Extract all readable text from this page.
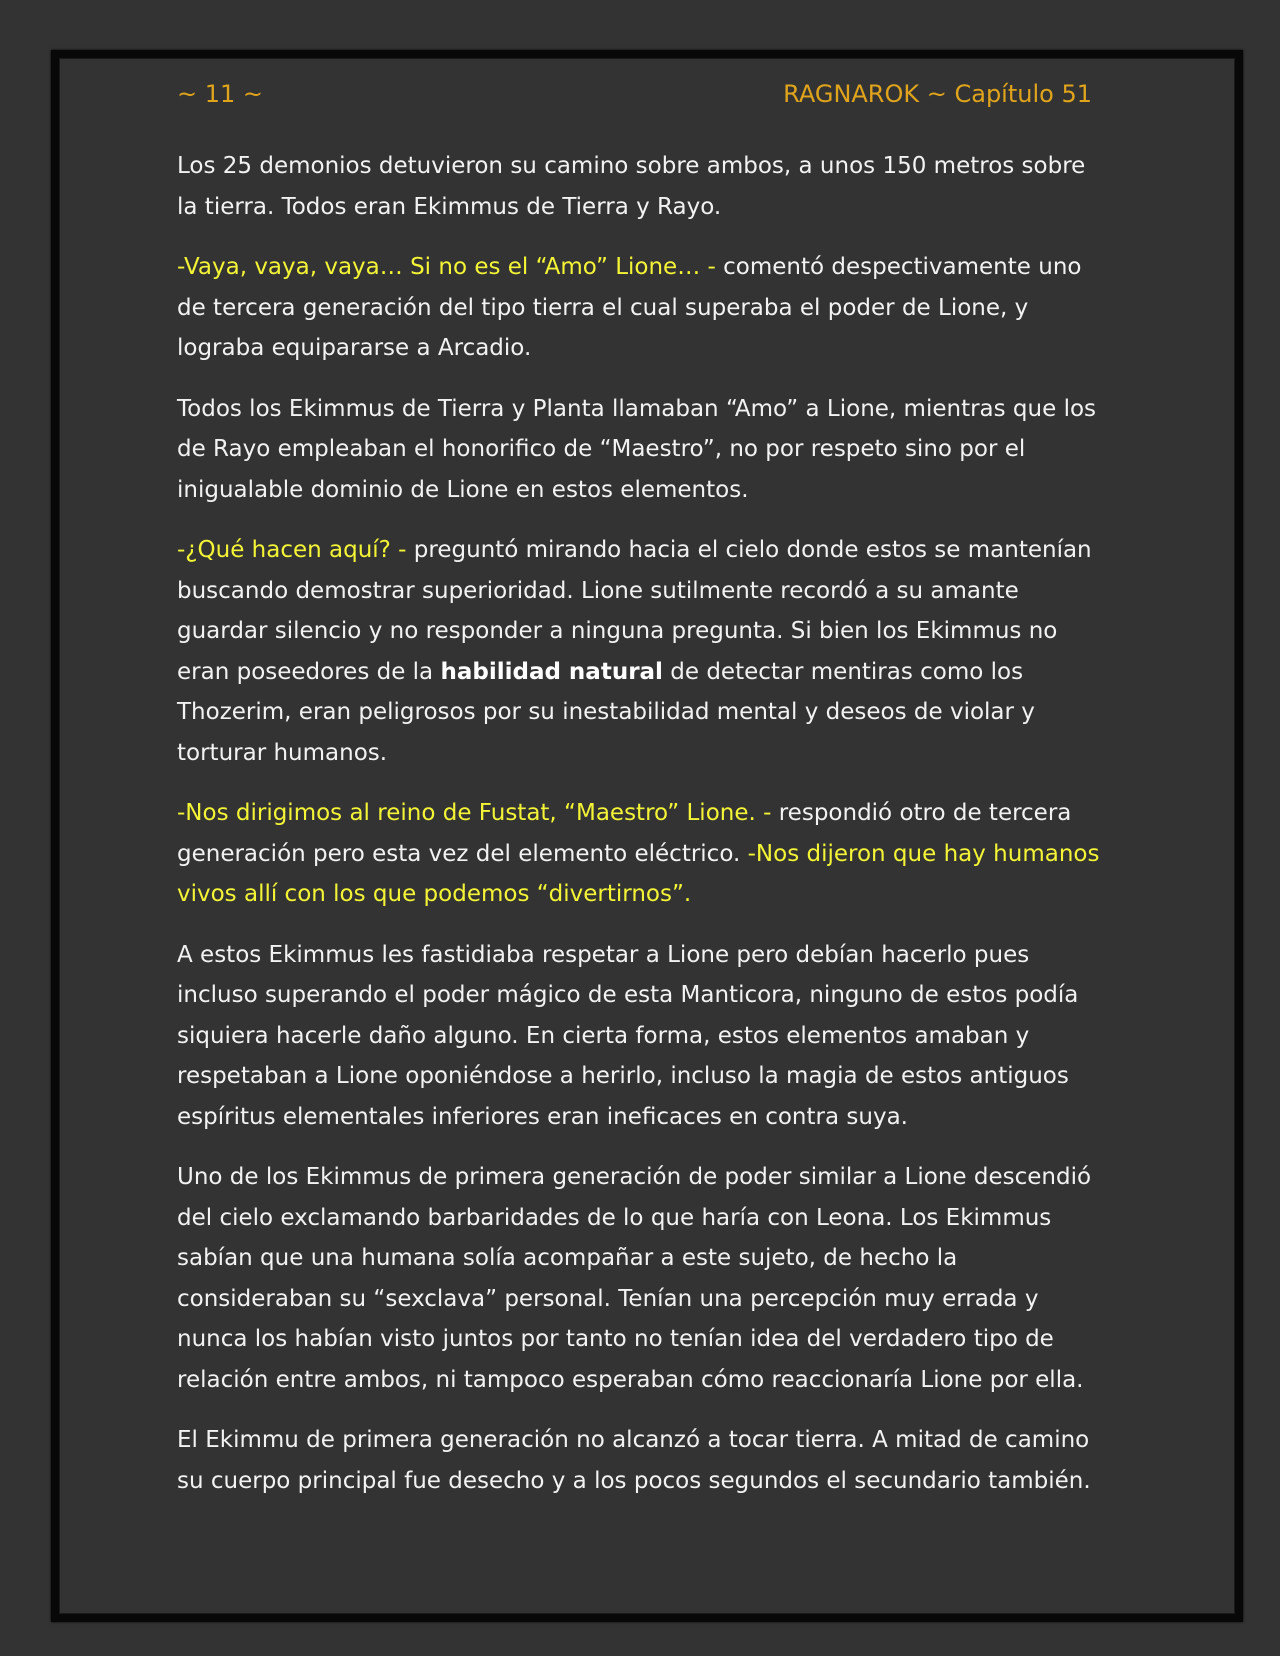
~ 11 ~	RAGNAROK ~ Capítulo 51

Los 25 demonios detuvieron su camino sobre ambos, a unos 150 metros sobre la tierra. Todos eran Ekimmus de Tierra y Rayo.

-Vaya, vaya, vaya… Si no es el “Amo” Lione… - comentó despectivamente uno de tercera generación del tipo tierra el cual superaba el poder de Lione, y lograba equipararse a Arcadio.

Todos los Ekimmus de Tierra y Planta llamaban “Amo” a Lione, mientras que los de Rayo empleaban el honorifico de “Maestro”, no por respeto sino por el inigualable dominio de Lione en estos elementos.

-¿Qué hacen aquí? - preguntó mirando hacia el cielo donde estos se mantenían buscando demostrar superioridad. Lione sutilmente recordó a su amante guardar silencio y no responder a ninguna pregunta. Si bien los Ekimmus no eran poseedores de la habilidad natural de detectar mentiras como los Thozerim, eran peligrosos por su inestabilidad mental y deseos de violar y torturar humanos.

-Nos dirigimos al reino de Fustat, “Maestro” Lione. - respondió otro de tercera generación pero esta vez del elemento eléctrico. -Nos dijeron que hay humanos vivos allí con los que podemos “divertirnos”.

A estos Ekimmus les fastidiaba respetar a Lione pero debían hacerlo pues incluso superando el poder mágico de esta Manticora, ninguno de estos podía siquiera hacerle daño alguno. En cierta forma, estos elementos amaban y respetaban a Lione oponiéndose a herirlo, incluso la magia de estos antiguos espíritus elementales inferiores eran ineficaces en contra suya.

Uno de los Ekimmus de primera generación de poder similar a Lione descendió del cielo exclamando barbaridades de lo que haría con Leona. Los Ekimmus sabían que una humana solía acompañar a este sujeto, de hecho la consideraban su “sexclava” personal. Tenían una percepción muy errada y nunca los habían visto juntos por tanto no tenían idea del verdadero tipo de relación entre ambos, ni tampoco esperaban cómo reaccionaría Lione por ella.

El Ekimmu de primera generación no alcanzó a tocar tierra. A mitad de camino su cuerpo principal fue desecho y a los pocos segundos el secundario también.
